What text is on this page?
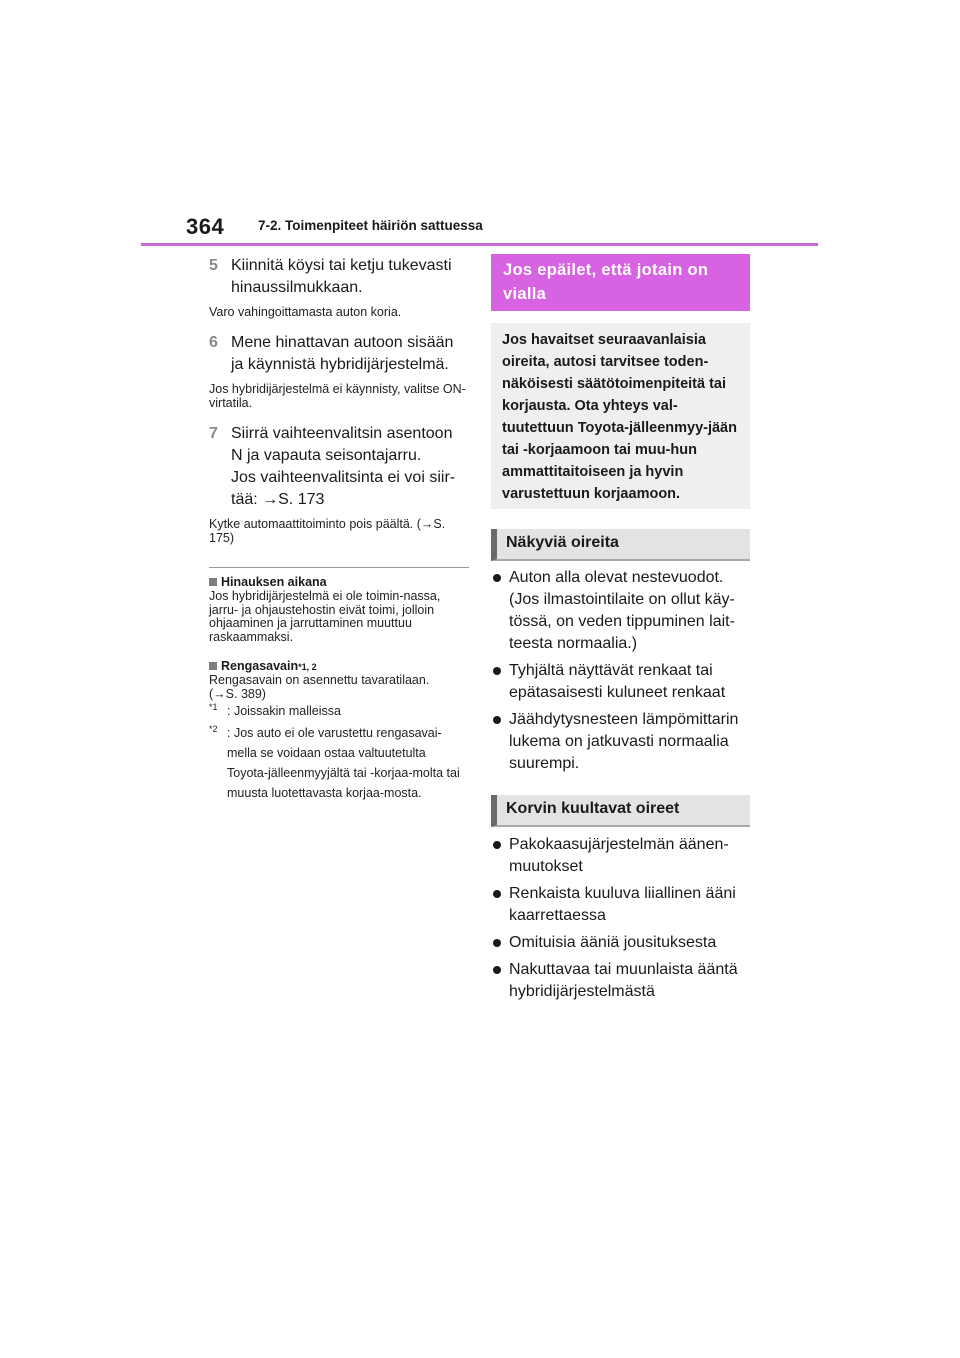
364	7-2. Toimenpiteet häiriön sattuessa
5 Kiinnitä köysi tai ketju tukevasti
hinaussilmukkaan.
Varo vahingoittamasta auton koria.
6 Mene hinattavan autoon sisään
ja käynnistä hybridijärjestelmä.
Jos hybridijärjestelmä ei käynnisty, valitse ON-virtatila.
7 Siirrä vaihteenvalitsin asentoon
N ja vapauta seisontajarru.
Jos vaihteenvalitsinta ei voi siir-
tää: →S. 173
Kytke automaattitoiminto pois päältä. (→S. 175)
Hinauksen aikana
Jos hybridijärjestelmä ei ole toimin-nassa, jarru- ja ohjaustehostin eivät toimi, jolloin ohjaaminen ja jarruttaminen muuttuu raskaammaksi.
Rengasavain *1, 2
Rengasavain on asennettu tavaratilaan.
(→S. 389)
$^{*1}$ : Joissakin malleissa
$^{*2}$ : Jos auto ei ole varustettu rengasavai-mella se voidaan ostaa valtuutetulta Toyota-jälleenmyyjältä tai -korjaa-molta tai muusta luotettavasta korjaa-mosta.
Jos epäilet, että jotain on vialla
Jos havaitset seuraavanlaisia oireita, autosi tarvitsee toden-näköisesti säätötoimenpiteitä tai korjausta. Ota yhteys val-tuutettuun Toyota-jälleenmyy-jään tai -korjaamoon tai muu-hun ammattitaitoiseen ja hyvin varustettuun korjaamoon.
Näkyviä oireita
Auton alla olevat nestevuodot. (Jos ilmastointilaite on ollut käy-tössä, on veden tippuminen lait-teesta normaalia.)
Tyhjältä näyttävät renkaat tai epätasaisesti kuluneet renkaat
Jäähdytysnesteen lämpömittarin lukema on jatkuvasti normaalia suurempi.
Korvin kuultavat oireet
Pakokaasujärjestelmän äänen-muutokset
Renkaista kuuluva liiallinen ääni kaarrettaessa
Omituisia ääniä jousituksesta
Nakuttavaa tai muunlaista ääntä hybridijärjestelmästä
